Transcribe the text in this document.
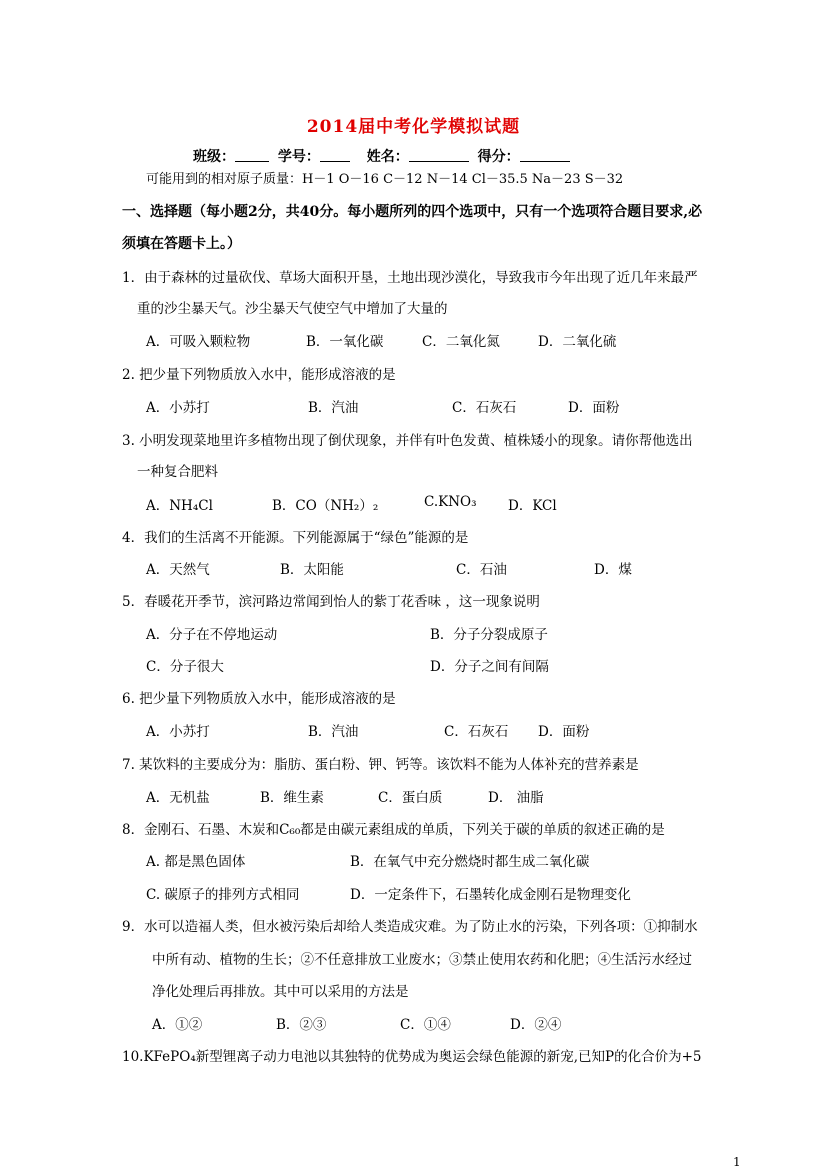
2014届中考化学模拟试题
班级：	学号：	姓名：	得分：
可能用到的相对原子质量：H－1 O－16 C－12 N－14 Cl－35.5 Na－23 S－32
一、选择题（每小题2分，共40分。每小题所列的四个选项中，只有一个选项符合题目要求,必
须填在答题卡上。）
1．由于森林的过量砍伐、草场大面积开垦，土地出现沙漠化，导致我市今年出现了近几年来最严
重的沙尘暴天气。沙尘暴天气使空气中增加了大量的
A．可吸入颗粒物	B．一氧化碳	C．二氧化氮	D．二氧化硫
2. 把少量下列物质放入水中，能形成溶液的是
A．小苏打	B．汽油	C．石灰石	D．面粉
3. 小明发现菜地里许多植物出现了倒伏现象，并伴有叶色发黄、植株矮小的现象。请你帮他选出
一种复合肥料
A．NH₄Cl	B．CO（NH₂）₂	C.KNO₃ D．KCl
4．我们的生活离不开能源。下列能源属于“绿色”能源的是
A．天然气	B．太阳能	C．石油	D．煤
5．春暖花开季节，滨河路边常闻到怡人的紫丁花香味 ，这一现象说明
A．分子在不停地运动	B．分子分裂成原子
C．分子很大	D．分子之间有间隔
6. 把少量下列物质放入水中，能形成溶液的是
A．小苏打	B．汽油	C．石灰石 D．面粉
7. 某饮料的主要成分为：脂肪、蛋白粉、钾、钙等。该饮料不能为人体补充的营养素是
A．无机盐	B．维生素	C．蛋白质	D． 油脂
8．金刚石、石墨、木炭和C₆₀都是由碳元素组成的单质，下列关于碳的单质的叙述正确的是
A. 都是黑色固体	B．在氧气中充分燃烧时都生成二氧化碳
C. 碳原子的排列方式相同	D．一定条件下，石墨转化成金刚石是物理变化
9．水可以造福人类，但水被污染后却给人类造成灾难。为了防止水的污染，下列各项：①抑制水
中所有动、植物的生长；②不任意排放工业废水；③禁止使用农药和化肥；④生活污水经过
净化处理后再排放。其中可以采用的方法是
A．①②	B．②③	C．①④	D．②④
10.KFePO₄新型锂离子动力电池以其独特的优势成为奥运会绿色能源的新宠,已知P的化合价为+5
1
